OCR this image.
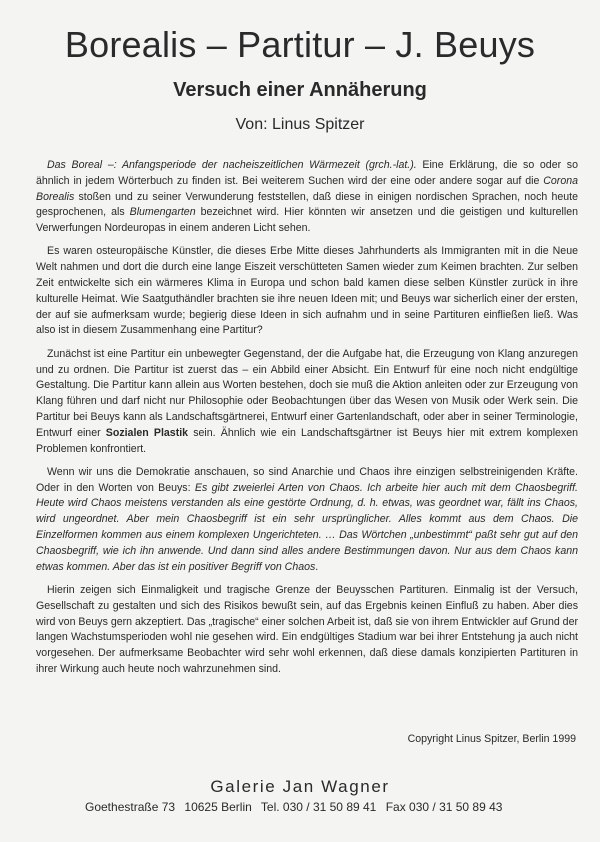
Borealis – Partitur – J. Beuys
Versuch einer Annäherung
Von: Linus Spitzer

Das Boreal –: Anfangsperiode der nacheiszeitlichen Wärmezeit (grch.-lat.). Eine Erklärung, die so oder so ähnlich in jedem Wörterbuch zu finden ist. Bei weiterem Suchen wird der eine oder andere sogar auf die Corona Borealis stoßen und zu seiner Verwunderung feststellen, daß diese in einigen nordischen Sprachen, noch heute gesprochenen, als Blumengarten bezeichnet wird. Hier könnten wir ansetzen und die geistigen und kulturellen Verwerfungen Nordeuropas in einem anderen Licht sehen.

Es waren osteuropäische Künstler, die dieses Erbe Mitte dieses Jahrhunderts als Immigranten mit in die Neue Welt nahmen und dort die durch eine lange Eiszeit verschütteten Samen wieder zum Keimen brachten. Zur selben Zeit entwickelte sich ein wärmeres Klima in Europa und schon bald kamen diese selben Künstler zurück in ihre kulturelle Heimat. Wie Saatguthändler brachten sie ihre neuen Ideen mit; und Beuys war sicherlich einer der ersten, der auf sie aufmerksam wurde; begierig diese Ideen in sich aufnahm und in seine Partituren einfließen ließ. Was also ist in diesem Zusammenhang eine Partitur?

Zunächst ist eine Partitur ein unbewegter Gegenstand, der die Aufgabe hat, die Erzeugung von Klang anzuregen und zu ordnen. Die Partitur ist zuerst das – ein Abbild einer Absicht. Ein Entwurf für eine noch nicht endgültige Gestaltung. Die Partitur kann allein aus Worten bestehen, doch sie muß die Aktion anleiten oder zur Erzeugung von Klang führen und darf nicht nur Philosophie oder Beobachtungen über das Wesen von Musik oder Werk sein. Die Partitur bei Beuys kann als Landschaftsgärtnerei, Entwurf einer Gartenlandschaft, oder aber in seiner Terminologie, Entwurf einer Sozialen Plastik sein. Ähnlich wie ein Landschaftsgärtner ist Beuys hier mit extrem komplexen Problemen konfrontiert.

Wenn wir uns die Demokratie anschauen, so sind Anarchie und Chaos ihre einzigen selbstreinigenden Kräfte. Oder in den Worten von Beuys: Es gibt zweierlei Arten von Chaos. Ich arbeite hier auch mit dem Chaosbegriff. Heute wird Chaos meistens verstanden als eine gestörte Ordnung, d. h. etwas, was geordnet war, fällt ins Chaos, wird ungeordnet. Aber mein Chaosbegriff ist ein sehr ursprünglicher. Alles kommt aus dem Chaos. Die Einzelformen kommen aus einem komplexen Ungerichteten. … Das Wörtchen „unbestimmt“ paßt sehr gut auf den Chaosbegriff, wie ich ihn anwende. Und dann sind alles andere Bestimmungen davon. Nur aus dem Chaos kann etwas kommen. Aber das ist ein positiver Begriff von Chaos.

Hierin zeigen sich Einmaligkeit und tragische Grenze der Beuysschen Partituren. Einmalig ist der Versuch, Gesellschaft zu gestalten und sich des Risikos bewußt sein, auf das Ergebnis keinen Einfluß zu haben. Aber dies wird von Beuys gern akzeptiert. Das „tragische“ einer solchen Arbeit ist, daß sie von ihrem Entwickler auf Grund der langen Wachstumsperioden wohl nie gesehen wird. Ein endgültiges Stadium war bei ihrer Entstehung ja auch nicht vorgesehen. Der aufmerksame Beobachter wird sehr wohl erkennen, daß diese damals konzipierten Partituren in ihrer Wirkung auch heute noch wahrzunehmen sind.

Copyright Linus Spitzer, Berlin 1999
Galerie Jan Wagner
Goethestraße 73 10625 Berlin Tel. 030 / 31 50 89 41 Fax 030 / 31 50 89 43
